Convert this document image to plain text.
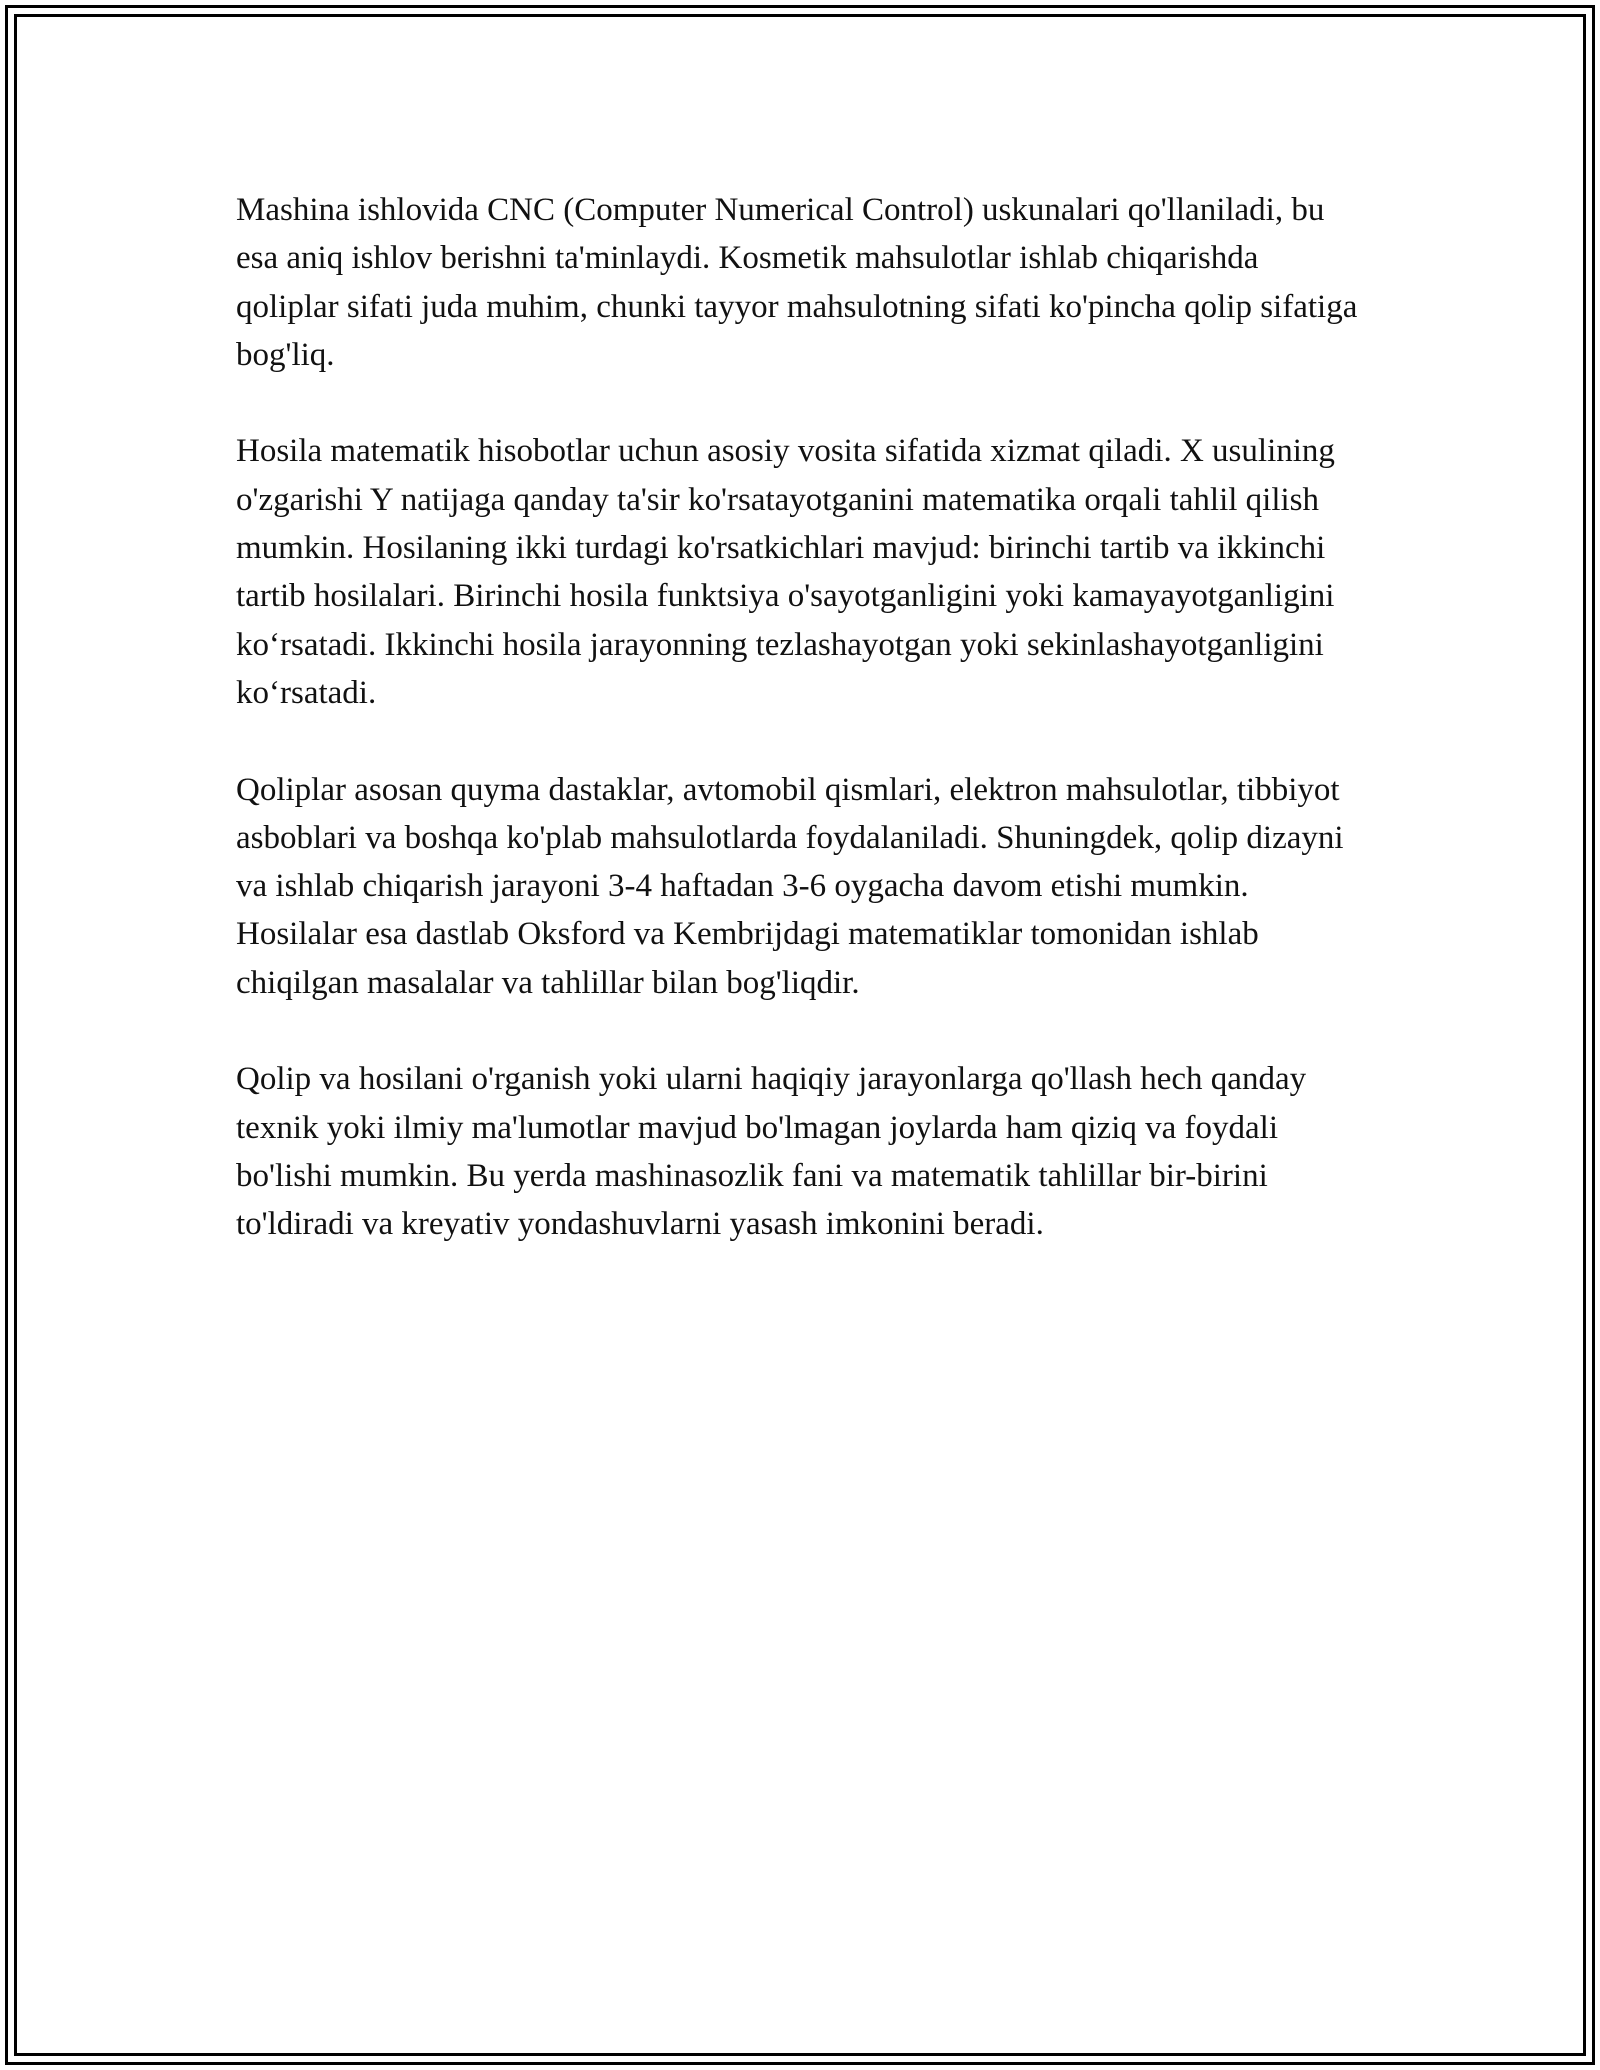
Mashina ishlovida CNC (Computer Numerical Control) uskunalari qo'llaniladi, bu esa aniq ishlov berishni ta'minlaydi. Kosmetik mahsulotlar ishlab chiqarishda qoliplar sifati juda muhim, chunki tayyor mahsulotning sifati ko'pincha qolip sifatiga bog'liq.

Hosila matematik hisobotlar uchun asosiy vosita sifatida xizmat qiladi. X usulining o'zgarishi Y natijaga qanday ta'sir ko'rsatayotganini matematika orqali tahlil qilish mumkin. Hosilaning ikki turdagi ko'rsatkichlari mavjud: birinchi tartib va ikkinchi tartib hosilalari. Birinchi hosila funktsiya o'sayotganligini yoki kamayayotganligini ko‘rsatadi. Ikkinchi hosila jarayonning tezlashayotgan yoki sekinlashayotganligini ko‘rsatadi.

Qoliplar asosan quyma dastaklar, avtomobil qismlari, elektron mahsulotlar, tibbiyot asboblari va boshqa ko'plab mahsulotlarda foydalaniladi. Shuningdek, qolip dizayni va ishlab chiqarish jarayoni 3-4 haftadan 3-6 oygacha davom etishi mumkin. Hosilalar esa dastlab Oksford va Kembrijdagi matematiklar tomonidan ishlab chiqilgan masalalar va tahlillar bilan bog'liqdir.

Qolip va hosilani o'rganish yoki ularni haqiqiy jarayonlarga qo'llash hech qanday texnik yoki ilmiy ma'lumotlar mavjud bo'lmagan joylarda ham qiziq va foydali bo'lishi mumkin. Bu yerda mashinasozlik fani va matematik tahlillar bir-birini to'ldiradi va kreyativ yondashuvlarni yasash imkonini beradi.
